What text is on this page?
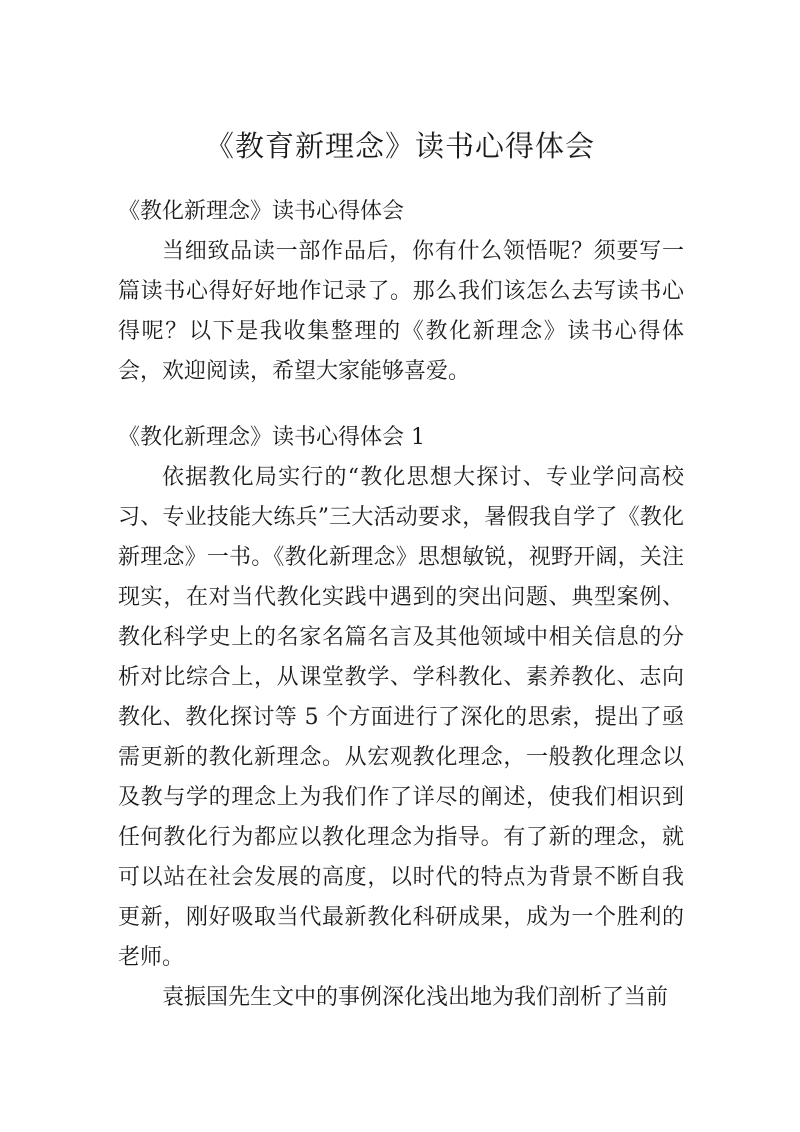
《教育新理念》读书心得体会
《教化新理念》读书心得体会

当细致品读一部作品后，你有什么领悟呢？须要写一篇读书心得好好地作记录了。那么我们该怎么去写读书心得呢？以下是我收集整理的《教化新理念》读书心得体会，欢迎阅读，希望大家能够喜爱。

《教化新理念》读书心得体会 1

依据教化局实行的“教化思想大探讨、专业学问高校习、专业技能大练兵”三大活动要求，暑假我自学了《教化新理念》一书。《教化新理念》思想敏锐，视野开阔，关注现实，在对当代教化实践中遇到的突出问题、典型案例、教化科学史上的名家名篇名言及其他领域中相关信息的分析对比综合上，从课堂教学、学科教化、素养教化、志向教化、教化探讨等 5 个方面进行了深化的思索，提出了亟需更新的教化新理念。从宏观教化理念，一般教化理念以及教与学的理念上为我们作了详尽的阐述，使我们相识到任何教化行为都应以教化理念为指导。有了新的理念，就可以站在社会发展的高度，以时代的特点为背景不断自我更新，刚好吸取当代最新教化科研成果，成为一个胜利的老师。

袁振国先生文中的事例深化浅出地为我们剖析了当前
